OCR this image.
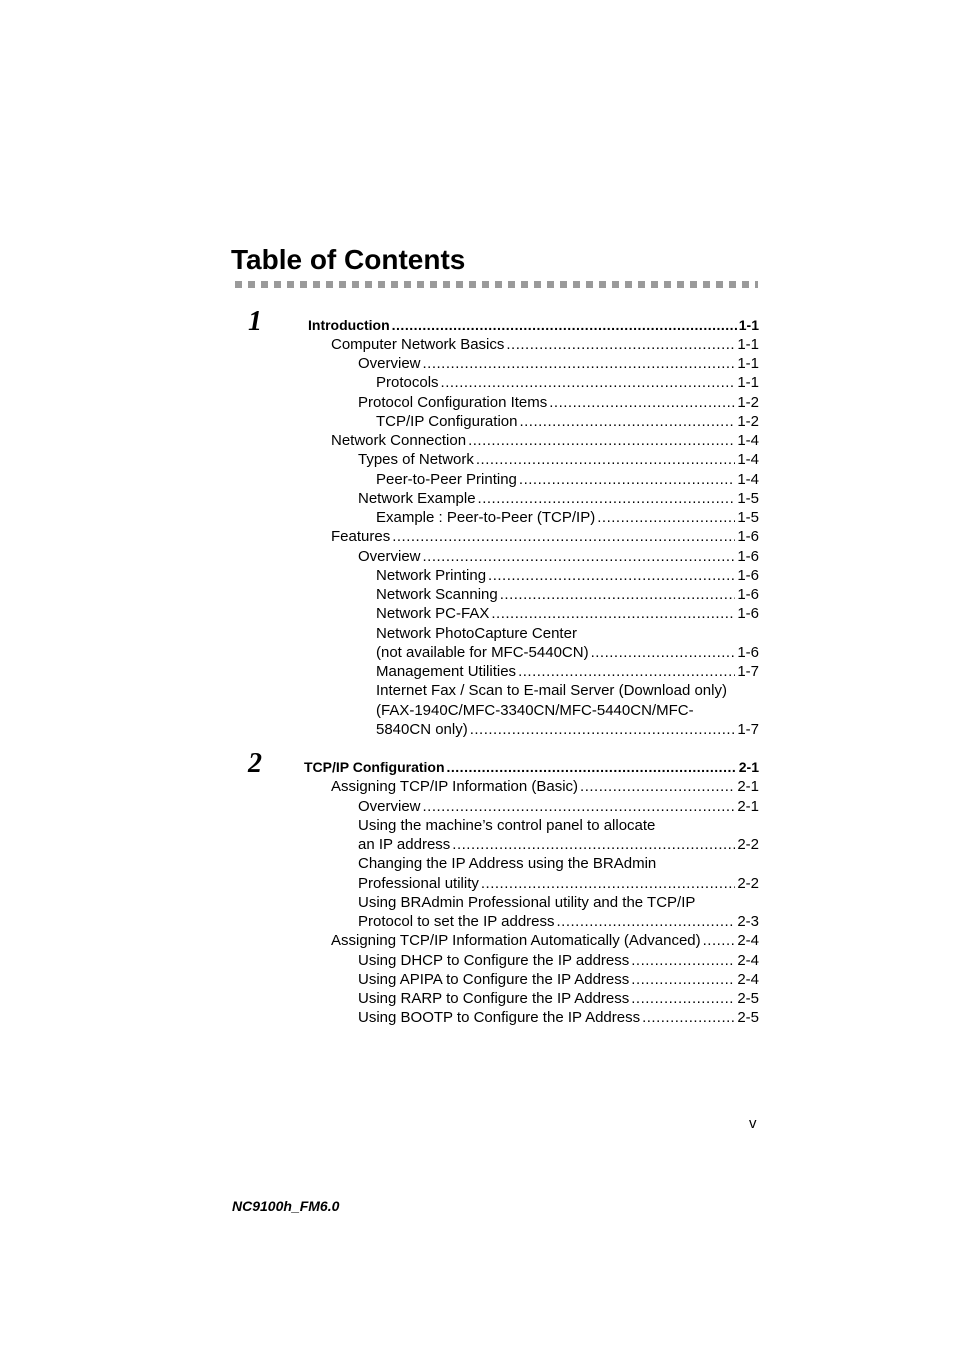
Table of Contents
1
2
Introduction .....	1-1
Computer Network Basics .....	1-1
Overview .....	1-1
Protocols .....	1-1
Protocol Configuration Items .....	1-2
TCP/IP Configuration .....	1-2
Network Connection .....	1-4
Types of Network .....	1-4
Peer-to-Peer Printing .....	1-4
Network Example .....	1-5
Example : Peer-to-Peer (TCP/IP) .....	1-5
Features .....	1-6
Overview .....	1-6
Network Printing .....	1-6
Network Scanning .....	1-6
Network PC-FAX .....	1-6
Network PhotoCapture Center
(not available for MFC-5440CN) .....	1-6
Management Utilities .....	1-7
Internet Fax / Scan to E-mail Server (Download only)
(FAX-1940C/MFC-3340CN/MFC-5440CN/MFC-
5840CN only) .....	1-7
TCP/IP Configuration .....	2-1
Assigning TCP/IP Information (Basic) .....	2-1
Overview .....	2-1
Using the machine’s control panel to allocate
an IP address .....	2-2
Changing the IP Address using the BRAdmin
Professional utility .....	2-2
Using BRAdmin Professional utility and the TCP/IP
Protocol to set the IP address .....	2-3
Assigning TCP/IP Information Automatically (Advanced) ..... 2-4
Using DHCP to Configure the IP address .....	2-4
Using APIPA to Configure the IP Address .....	2-4
Using RARP to Configure the IP Address .....	2-5
Using BOOTP to Configure the IP Address .....	2-5
v
NC9100h_FM6.0
